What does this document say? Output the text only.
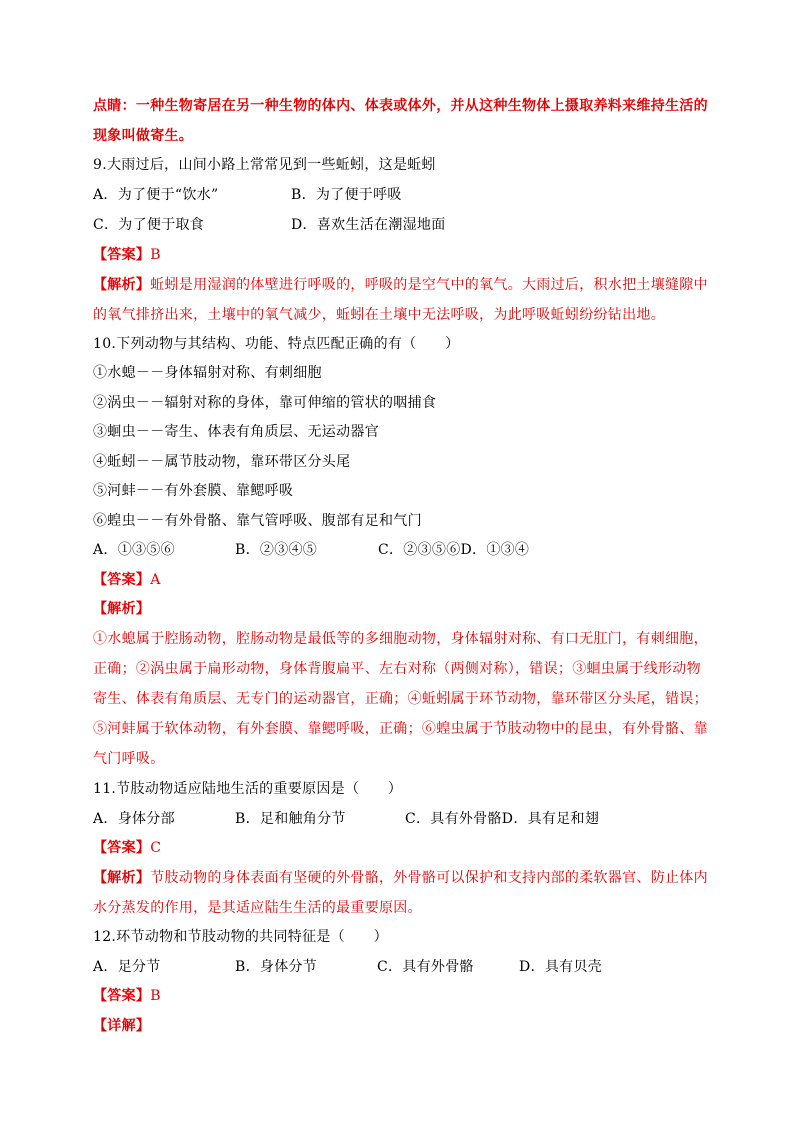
点睛：一种生物寄居在另一种生物的体内、体表或体外，并从这种生物体上摄取养料来维持生活的
现象叫做寄生。
9.大雨过后，山间小路上常常见到一些蚯蚓，这是蚯蚓
A．为了便于“饮水”	B．为了便于呼吸
C．为了便于取食	D．喜欢生活在潮湿地面
【答案】B
【解析】蚯蚓是用湿润的体壁进行呼吸的，呼吸的是空气中的氧气。大雨过后，积水把土壤缝隙中
的氧气排挤出来，土壤中的氧气减少，蚯蚓在土壤中无法呼吸，为此呼吸蚯蚓纷纷钻出地。
10.下列动物与其结构、功能、特点匹配正确的有（　　）
①水螅－－身体辐射对称、有刺细胞
②涡虫－－辐射对称的身体，靠可伸缩的管状的咽捕食
③蛔虫－－寄生、体表有角质层、无运动器官
④蚯蚓－－属节肢动物，靠环带区分头尾
⑤河蚌－－有外套膜、靠鳃呼吸
⑥蝗虫－－有外骨骼、靠气管呼吸、腹部有足和气门
A．①③⑤⑥	B．②③④⑤	C．②③⑤⑥D．①③④
【答案】A
【解析】
①水螅属于腔肠动物，腔肠动物是最低等的多细胞动物，身体辐射对称、有口无肛门，有刺细胞，
正确；②涡虫属于扁形动物，身体背腹扁平、左右对称（两侧对称），错误；③蛔虫属于线形动物
寄生、体表有角质层、无专门的运动器官，正确；④蚯蚓属于环节动物，靠环带区分头尾，错误；
⑤河蚌属于软体动物，有外套膜、靠鳃呼吸，正确；⑥蝗虫属于节肢动物中的昆虫，有外骨骼、靠
气门呼吸。
11.节肢动物适应陆地生活的重要原因是（　　）
A．身体分部	B．足和触角分节	C．具有外骨骼D．具有足和翅
【答案】C
【解析】节肢动物的身体表面有坚硬的外骨骼，外骨骼可以保护和支持内部的柔软器官、防止体内
水分蒸发的作用，是其适应陆生生活的最重要原因。
12.环节动物和节肢动物的共同特征是（　　）
A．足分节	B．身体分节	C．具有外骨骼	D．具有贝壳
【答案】B
【详解】
